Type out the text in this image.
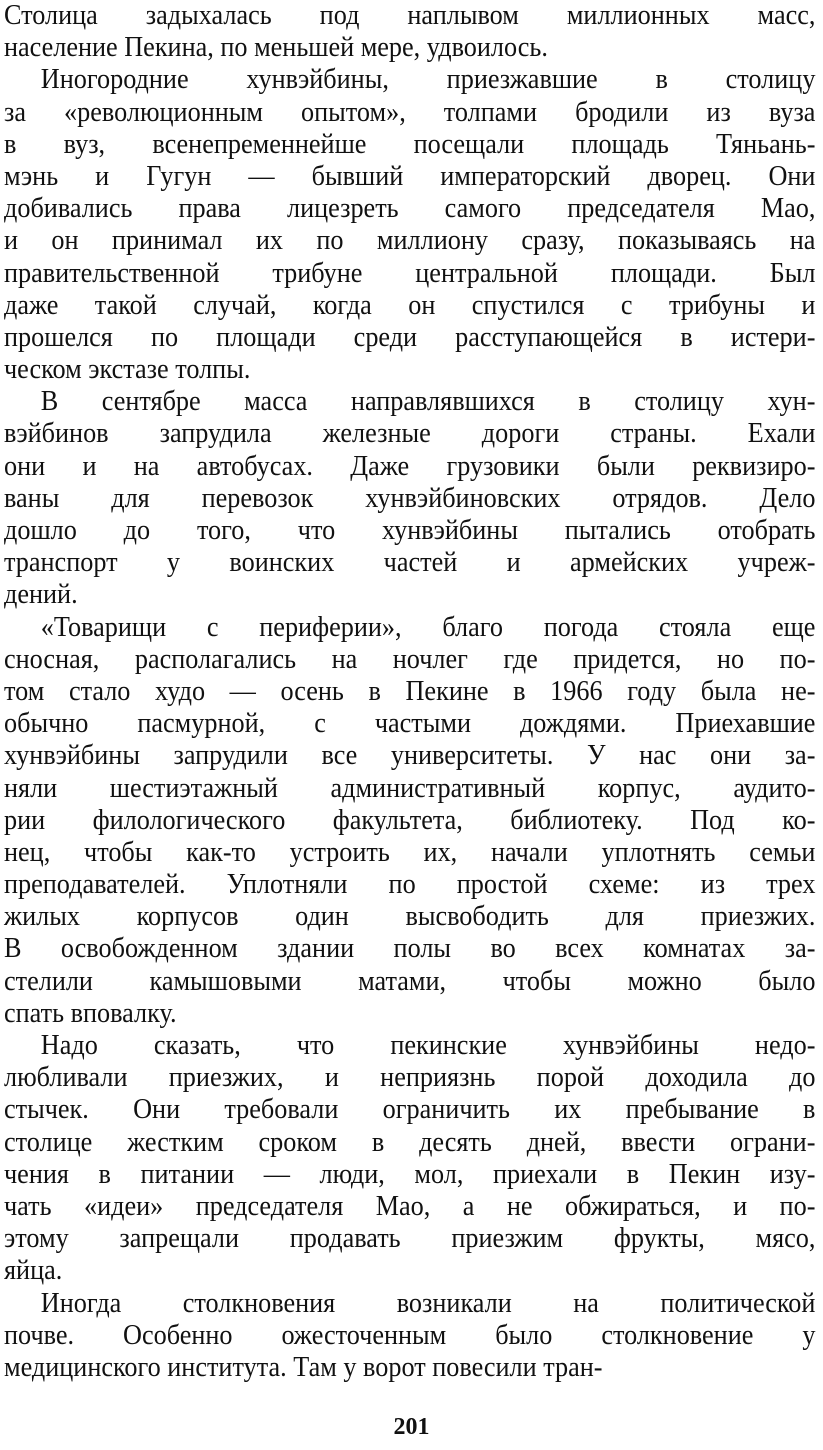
Столица задыхалась под наплывом миллионных масс,
население Пекина, по меньшей мере, удвоилось.
Иногородние хунвэйбины, приезжавшие в столицу
за «революционным опытом», толпами бродили из вуза
в вуз, всенепременнейше посещали площадь Тяньань-
мэнь и Гугун — бывший императорский дворец. Они
добивались права лицезреть самого председателя Мао,
и он принимал их по миллиону сразу, показываясь на
правительственной трибуне центральной площади. Был
даже такой случай, когда он спустился с трибуны и
прошелся по площади среди расступающейся в истери-
ческом экстазе толпы.
В сентябре масса направлявшихся в столицу хун-
вэйбинов запрудила железные дороги страны. Ехали
они и на автобусах. Даже грузовики были реквизиро-
ваны для перевозок хунвэйбиновских отрядов. Дело
дошло до того, что хунвэйбины пытались отобрать
транспорт у воинских частей и армейских учреж-
дений.
«Товарищи с периферии», благо погода стояла еще
сносная, располагались на ночлег где придется, но по-
том стало худо — осень в Пекине в 1966 году была не-
обычно пасмурной, с частыми дождями. Приехавшие
хунвэйбины запрудили все университеты. У нас они за-
няли шестиэтажный административный корпус, аудито-
рии филологического факультета, библиотеку. Под ко-
нец, чтобы как-то устроить их, начали уплотнять семьи
преподавателей. Уплотняли по простой схеме: из трех
жилых корпусов один высвободить для приезжих.
В освобожденном здании полы во всех комнатах за-
стелили камышовыми матами, чтобы можно было
спать вповалку.
Надо сказать, что пекинские хунвэйбины недо-
любливали приезжих, и неприязнь порой доходила до
стычек. Они требовали ограничить их пребывание в
столице жестким сроком в десять дней, ввести ограни-
чения в питании — люди, мол, приехали в Пекин изу-
чать «идеи» председателя Мао, а не обжираться, и по-
этому запрещали продавать приезжим фрукты, мясо,
яйца.
Иногда столкновения возникали на политической
почве. Особенно ожесточенным было столкновение у
медицинского института. Там у ворот повесили тран-
201
